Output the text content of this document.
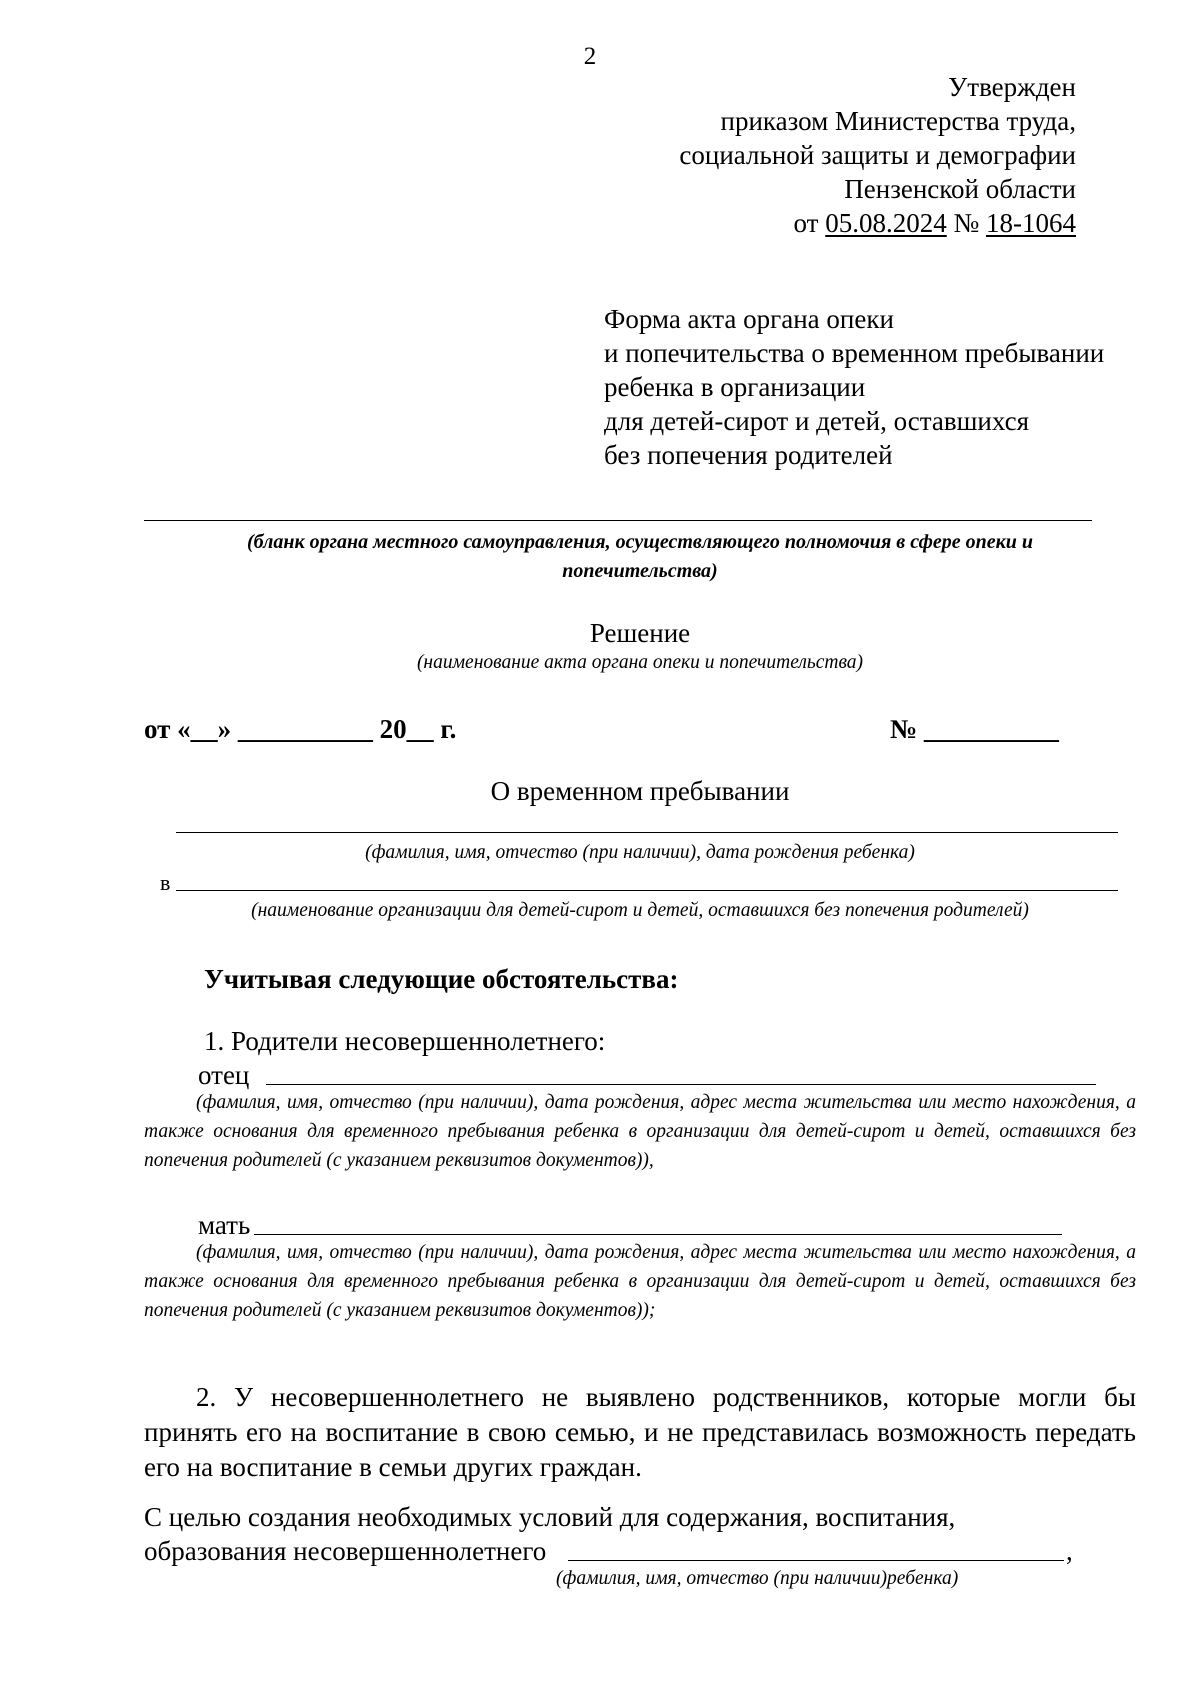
2
Утвержден
приказом Министерства труда,
социальной защиты и демографии
Пензенской области
от 05.08.2024 № 18-1064
Форма акта органа опеки
и попечительства о временном пребывании
ребенка в организации
для детей-сирот и детей, оставшихся
без попечения родителей
(бланк органа местного самоуправления, осуществляющего полномочия в сфере опеки и
попечительства)
Решение
(наименование акта органа опеки и попечительства)
от «__» __________ 20__ г.	№ __________
О временном пребывании
(фамилия, имя, отчество (при наличии), дата рождения ребенка)
в
(наименование организации для детей-сирот и детей, оставшихся без попечения родителей)
Учитывая следующие обстоятельства:
1. Родители несовершеннолетнего:
отец
(фамилия, имя, отчество (при наличии), дата рождения, адрес места жительства или место нахождения, а также основания для временного пребывания ребенка в организации для детей-сирот и детей, оставшихся без попечения родителей (с указанием реквизитов документов)),
мать
(фамилия, имя, отчество (при наличии), дата рождения, адрес места жительства или место нахождения, а также основания для временного пребывания ребенка в организации для детей-сирот и детей, оставшихся без попечения родителей (с указанием реквизитов документов));
2. У несовершеннолетнего не выявлено родственников, которые могли бы принять его на воспитание в свою семью, и не представилась возможность передать его на воспитание в семьи других граждан.
С целью создания необходимых условий для содержания, воспитания,
образования несовершеннолетнего	,
(фамилия, имя, отчество (при наличии)ребенка)
